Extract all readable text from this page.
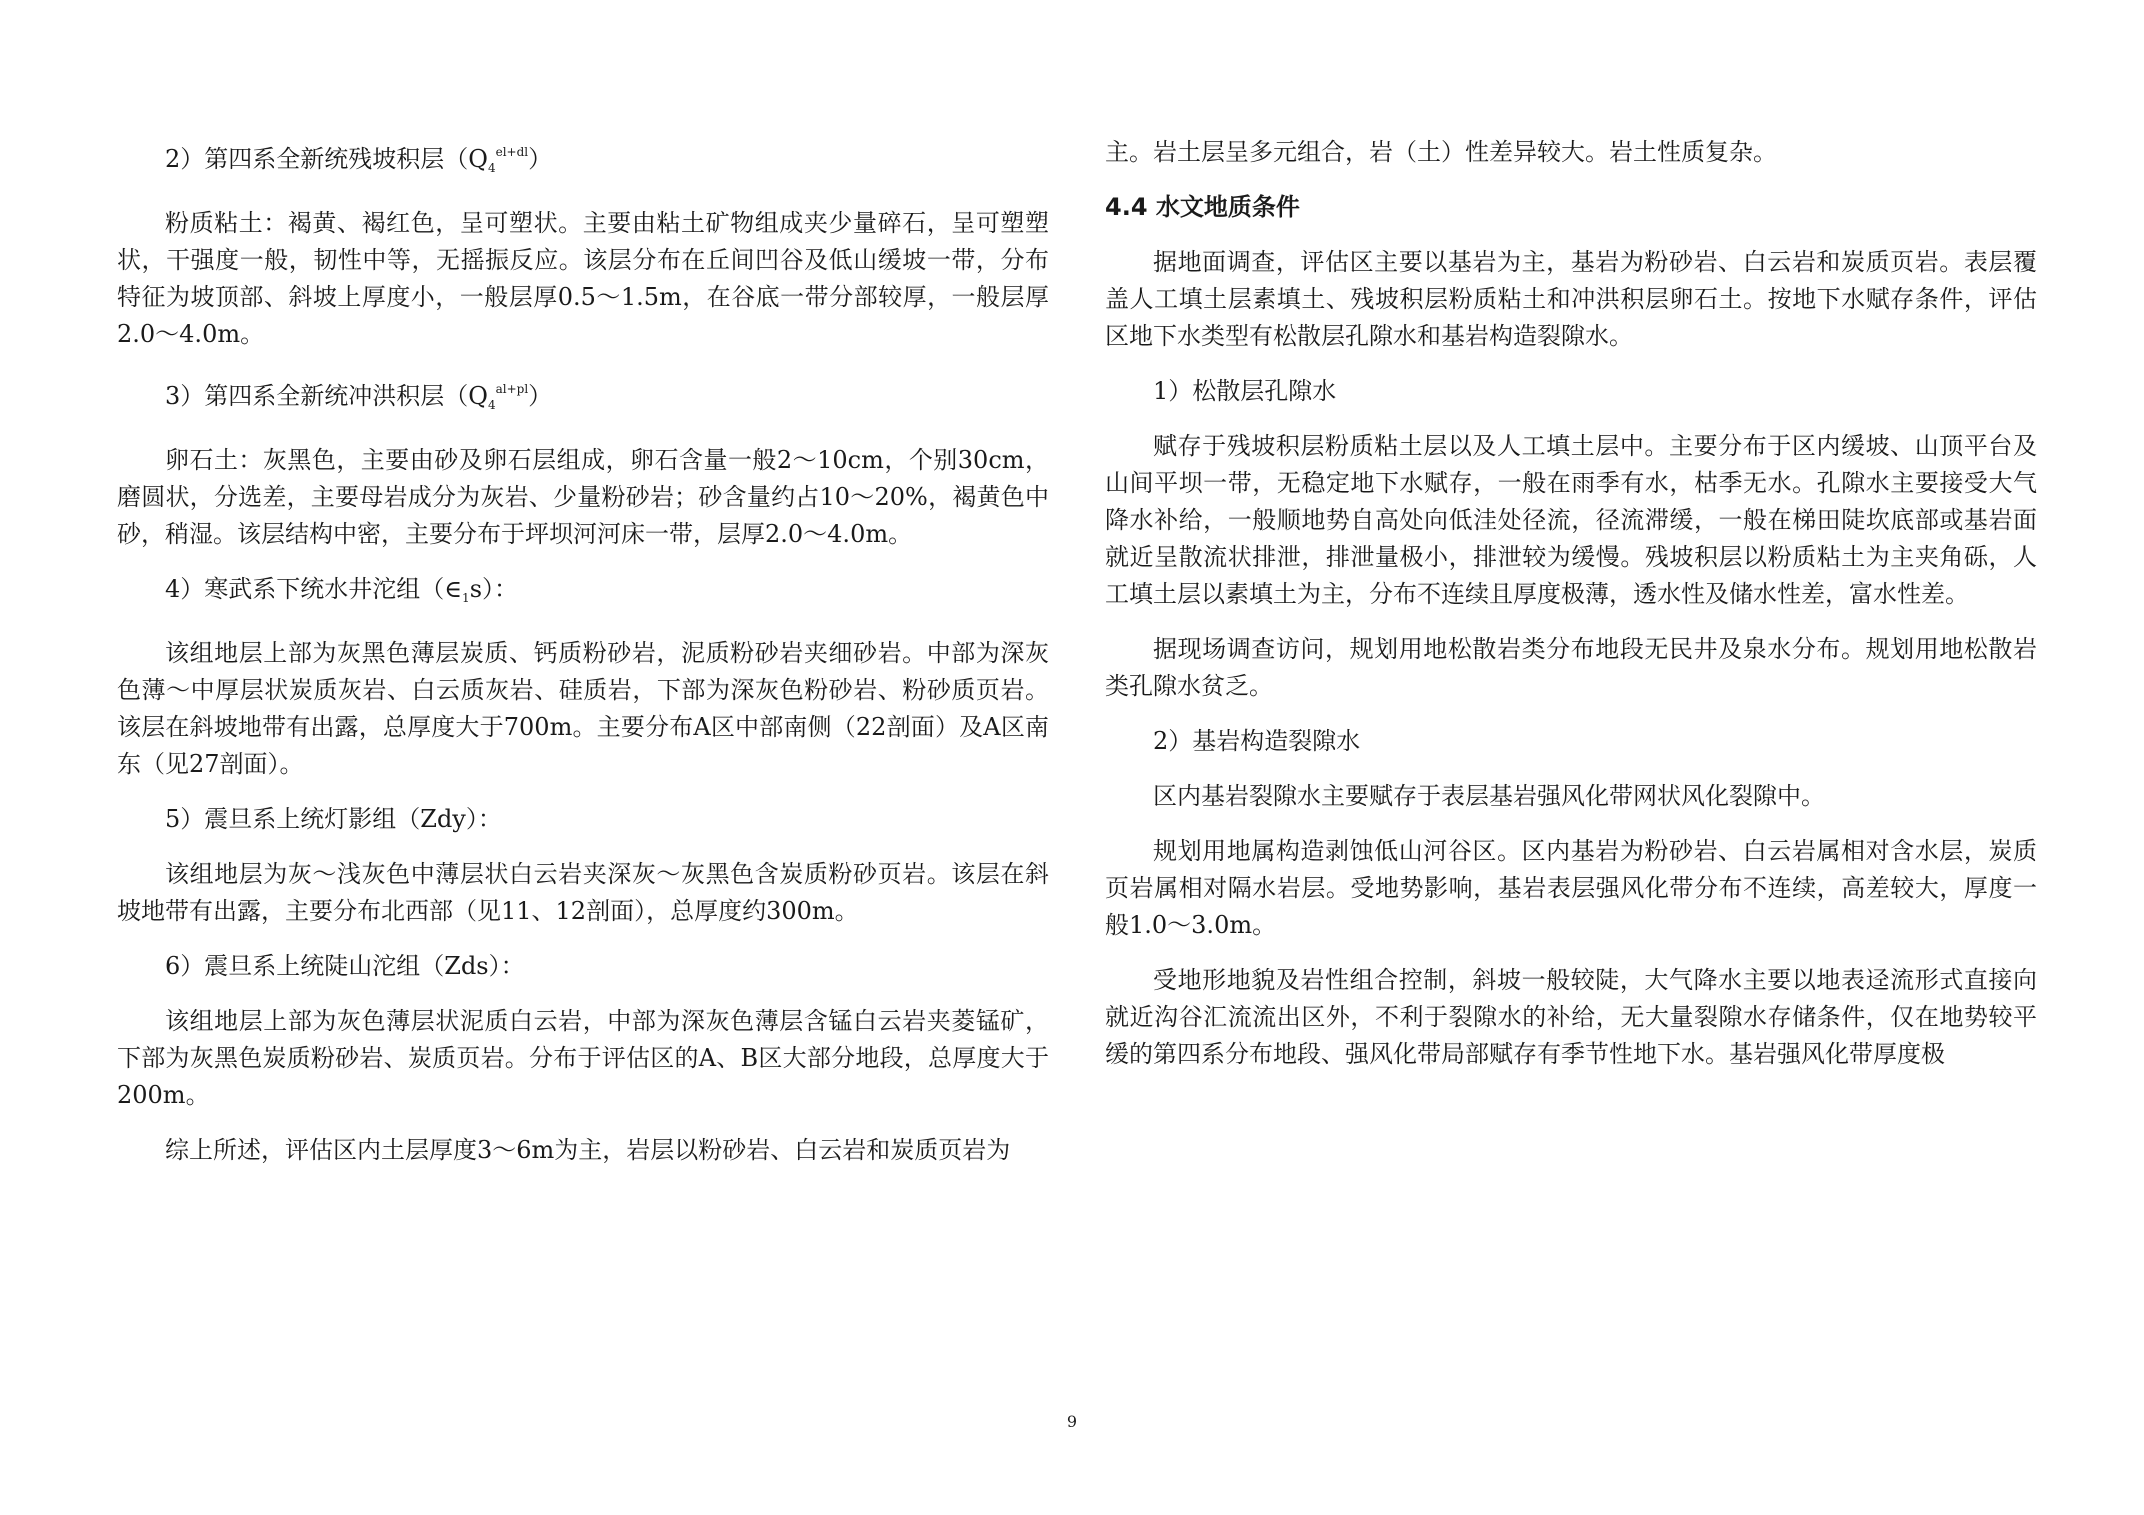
2）第四系全新统残坡积层$(Q_4^{el+dl})$

粉质粘土：褐黄、褐红色，呈可塑状。主要由粘土矿物组成夹少量碎石，呈可塑塑状，干强度一般，韧性中等，无摇振反应。该层分布在丘间凹谷及低山缓坡一带，分布特征为坡顶部、斜坡上厚度小，一般层厚0.5～1.5m，在谷底一带分部较厚，一般层厚2.0～4.0m。

3）第四系全新统冲洪积层$(Q_4^{al+pl})$

卵石土：灰黑色，主要由砂及卵石层组成，卵石含量一般2～10cm，个别30cm，磨圆状，分选差，主要母岩成分为灰岩、少量粉砂岩；砂含量约占10～20%，褐黄色中砂，稍湿。该层结构中密，主要分布于坪坝河河床一带，层厚2.0～4.0m。

4）寒武系下统水井沱组$(\in_1s)$：

该组地层上部为灰黑色薄层炭质、钙质粉砂岩，泥质粉砂岩夹细砂岩。中部为深灰色薄～中厚层状炭质灰岩、白云质灰岩、硅质岩，下部为深灰色粉砂岩、粉砂质页岩。该层在斜坡地带有出露，总厚度大于700m。主要分布A区中部南侧（22剖面）及A区南东（见27剖面）。

5）震旦系上统灯影组（Zdy）：

该组地层为灰～浅灰色中薄层状白云岩夹深灰～灰黑色含炭质粉砂页岩。该层在斜坡地带有出露，主要分布北西部（见11、12剖面），总厚度约300m。

6）震旦系上统陡山沱组（Zds）：

该组地层上部为灰色薄层状泥质白云岩，中部为深灰色薄层含锰白云岩夹菱锰矿，下部为灰黑色炭质粉砂岩、炭质页岩。分布于评估区的A、B区大部分地段，总厚度大于200m。

综上所述，评估区内土层厚度3～6m为主，岩层以粉砂岩、白云岩和炭质页岩为

主。岩土层呈多元组合，岩（土）性差异较大。岩土性质复杂。

4.4 水文地质条件

据地面调查，评估区主要以基岩为主，基岩为粉砂岩、白云岩和炭质页岩。表层覆盖人工填土层素填土、残坡积层粉质粘土和冲洪积层卵石土。按地下水赋存条件，评估区地下水类型有松散层孔隙水和基岩构造裂隙水。

1）松散层孔隙水

赋存于残坡积层粉质粘土层以及人工填土层中。主要分布于区内缓坡、山顶平台及山间平坝一带，无稳定地下水赋存，一般在雨季有水，枯季无水。孔隙水主要接受大气降水补给，一般顺地势自高处向低洼处径流，径流滞缓，一般在梯田陡坎底部或基岩面就近呈散流状排泄，排泄量极小，排泄较为缓慢。残坡积层以粉质粘土为主夹角砾，人工填土层以素填土为主，分布不连续且厚度极薄，透水性及储水性差，富水性差。

据现场调查访问，规划用地松散岩类分布地段无民井及泉水分布。规划用地松散岩类孔隙水贫乏。

2）基岩构造裂隙水

区内基岩裂隙水主要赋存于表层基岩强风化带网状风化裂隙中。

规划用地属构造剥蚀低山河谷区。区内基岩为粉砂岩、白云岩属相对含水层，炭质页岩属相对隔水岩层。受地势影响，基岩表层强风化带分布不连续，高差较大，厚度一般1.0～3.0m。

受地形地貌及岩性组合控制，斜坡一般较陡，大气降水主要以地表迳流形式直接向就近沟谷汇流流出区外，不利于裂隙水的补给，无大量裂隙水存储条件，仅在地势较平缓的第四系分布地段、强风化带局部赋存有季节性地下水。基岩强风化带厚度极

9
